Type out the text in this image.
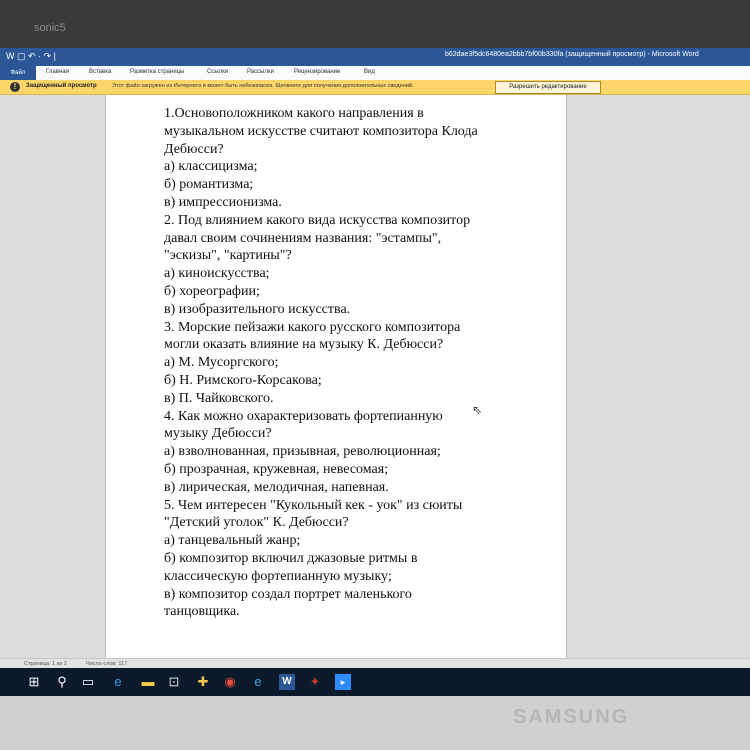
sonic5
W ▢ ↶ · ↷ |	b62dae3f5dc6480ea2bbb7bf00b330fa (защищенный просмотр) - Microsoft Word
Файл	Главная	Вставка	Разметка страницы	Ссылки	Рассылки	Рецензирование	Вид
!	Защищенный просмотр	Этот файл загружен из Интернета и может быть небезопасен. Щелкните для получения дополнительных сведений.	Разрешить редактирование
1.Основоположником какого направления в
музыкальном искусстве считают композитора Клода
Дебюсси?
а) классицизма;
б) романтизма;
в) импрессионизма.
2. Под влиянием какого вида искусства композитор
давал своим сочинениям названия: "эстампы",
"эскизы", "картины"?
а) киноискусства;
б) хореографии;
в) изобразительного искусства.
3. Морские пейзажи какого русского композитора
могли оказать влияние на музыку К. Дебюсси?
а) М. Мусоргского;
б) Н. Римского-Корсакова;
в) П. Чайковского.
4. Как можно охарактеризовать фортепианную
музыку Дебюсси?
а) взволнованная, призывная, революционная;
б) прозрачная, кружевная, невесомая;
в) лирическая, мелодичная, напевная.
5. Чем интересен "Кукольный кек - уок" из сюиты
"Детский уголок" К. Дебюсси?
а) танцевальный жанр;
б) композитор включил джазовые ритмы в
классическую фортепианную музыку;
в) композитор создал портрет маленького
танцовщика.
⇖
Страница: 1 из 2	Число слов: 117
⊞ ⚲ ▭	e	▬ ⊡ ✚ ◉	e	W ✦	▸
SAMSUNG
